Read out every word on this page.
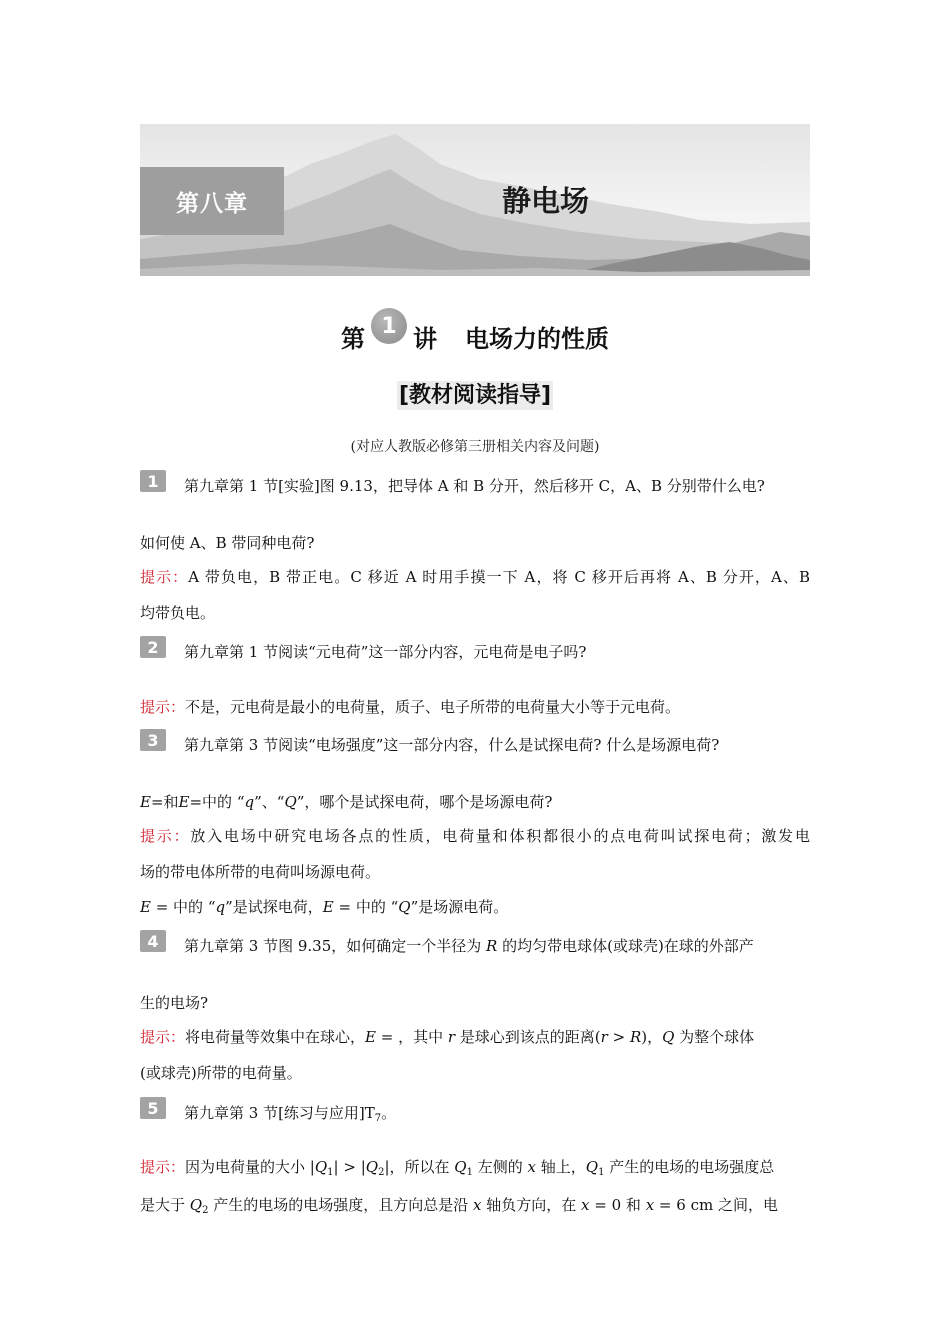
第八章	静电场
第 1 讲 电场力的性质
[教材阅读指导]
(对应人教版必修第三册相关内容及问题)
1	第九章第 1 节[实验]图 9.13，把导体 A 和 B 分开，然后移开 C，A、B 分别带什么电?
如何使 A、B 带同种电荷?
提示：A 带负电，B 带正电。C 移近 A 时用手摸一下 A，将 C 移开后再将 A、B 分开，A、B
均带负电。
2	第九章第 1 节阅读“元电荷”这一部分内容，元电荷是电子吗?
提示：不是，元电荷是最小的电荷量，质子、电子所带的电荷量大小等于元电荷。
3	第九章第 3 节阅读“电场强度”这一部分内容，什么是试探电荷? 什么是场源电荷?
E=和E=中的 “q”、“Q”，哪个是试探电荷，哪个是场源电荷?
提示：放入电场中研究电场各点的性质，电荷量和体积都很小的点电荷叫试探电荷；激发电
场的带电体所带的电荷叫场源电荷。
E = 中的 “q”是试探电荷，E = 中的 “Q”是场源电荷。
4	第九章第 3 节图 9.35，如何确定一个半径为 R 的均匀带电球体(或球壳)在球的外部产
生的电场?
提示：将电荷量等效集中在球心，E = ，其中 r 是球心到该点的距离(r > R)，Q 为整个球体
(或球壳)所带的电荷量。
5	第九章第 3 节[练习与应用]$T_7$。
提示：因为电荷量的大小 $|Q_1| > |Q_2|$，所以在 $Q_1$ 左侧的 x 轴上，$Q_1$ 产生的电场的电场强度总
是大于 $Q_2$ 产生的电场的电场强度，且方向总是沿 x 轴负方向，在 x = 0 和 x = 6 cm 之间，电
